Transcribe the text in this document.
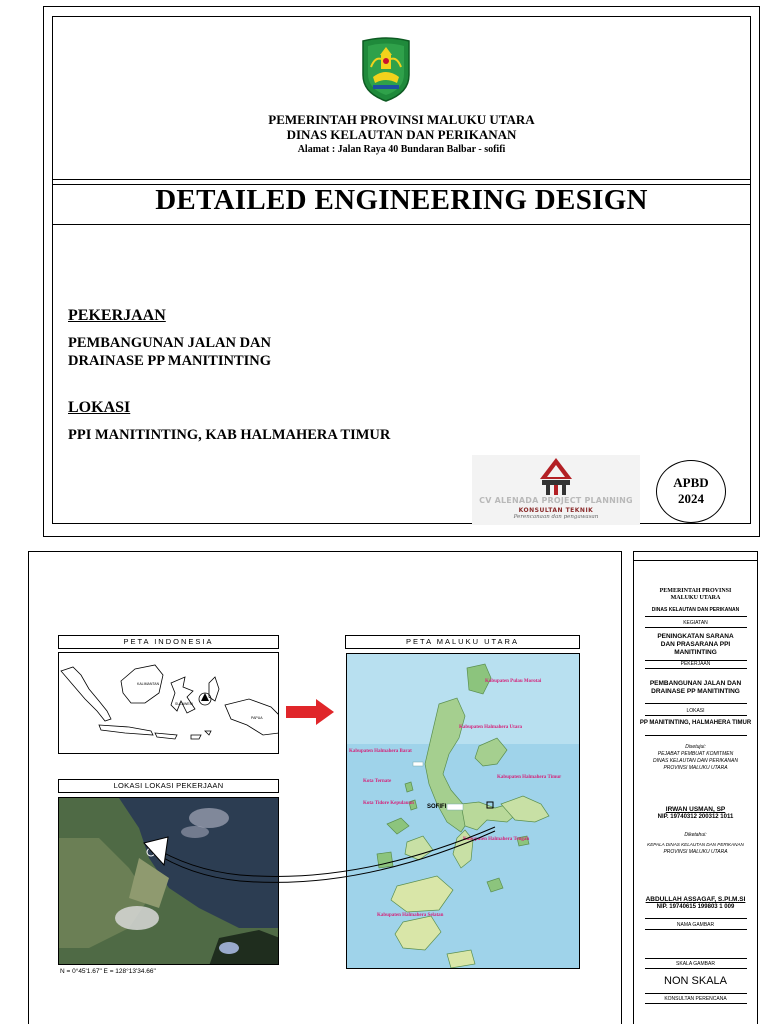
PEMERINTAH PROVINSI MALUKU UTARA
DINAS KELAUTAN DAN PERIKANAN
Alamat : Jalan Raya 40 Bundaran Balbar - sofifi
DETAILED ENGINEERING DESIGN
PEKERJAAN
PEMBANGUNAN JALAN DAN
DRAINASE PP MANITINTING
LOKASI
PPI MANITINTING, KAB HALMAHERA TIMUR
CV ALENADA PROJECT PLANNING
KONSULTAN TEKNIK
Perencanaan dan pengawasan
APBD
2024
PETA INDONESIA
KALIMANTAN
SULAWESI
PAPUA
PETA MALUKU UTARA
Kabupaten Pulau Morotai
Kabupaten Halmahera Utara
Kabupaten Halmahera Barat
Kabupaten Halmahera Timur
Kota Ternate
Kota Tidore Kepulauan
Kabupaten Halmahera Tengah
Kabupaten Halmahera Selatan
SOFIFI
LOKASI LOKASI PEKERJAAN
N = 0°45'1.67" E = 128°13'34.66"
PEMERINTAH PROVINSI
MALUKU UTARA
DINAS KELAUTAN DAN PERIKANAN
KEGIATAN
PENINGKATAN SARANA
DAN PRASARANA PPI
MANITINTING
PEKERJAAN
PEMBANGUNAN JALAN DAN
DRAINASE PP MANITINTING
LOKASI
PP MANITINTING, HALMAHERA TIMUR
Disetujui:
PEJABAT PEMBUAT KOMITMEN
DINAS KELAUTAN DAN PERIKANAN
PROVINSI MALUKU UTARA
IRWAN USMAN, SP
NIP. 19740312 200312 1011
Diketahui:
KEPALA DINAS KELAUTAN DAN PERIKANAN
PROVINSI MALUKU UTARA
ABDULLAH ASSAGAF, S.PI.M.SI
NIP. 19740615 199803 1 009
NAMA GAMBAR
SKALA GAMBAR
NON SKALA
KONSULTAN PERENCANA
